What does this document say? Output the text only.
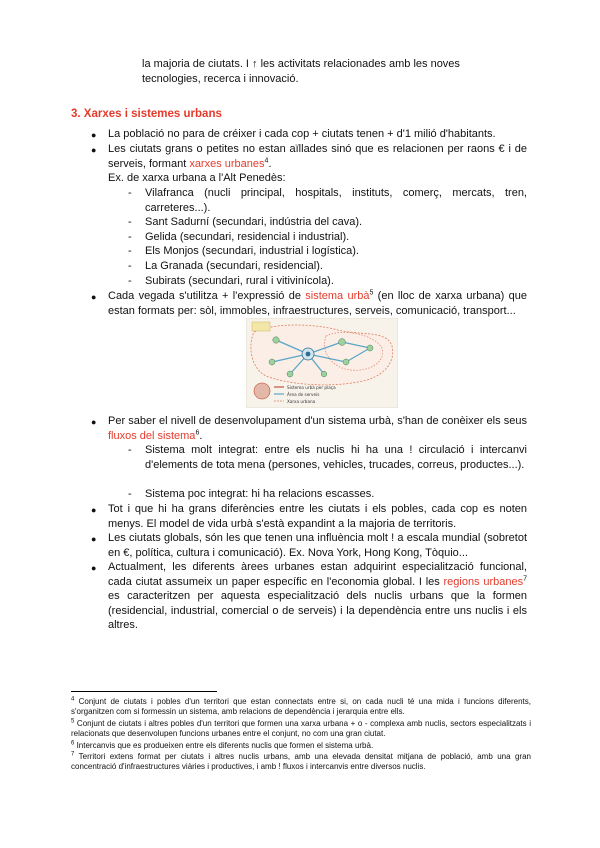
la majoria de ciutats. I ↑ les activitats relacionades amb les noves
tecnologies, recerca i innovació.
3. Xarxes i sistemes urbans
● La població no para de créixer i cada cop + ciutats tenen + d'1 milió d'habitants.
● Les ciutats grans o petites no estan aïllades sinó que es relacionen per raons € i de serveis, formant xarxes urbanes$^4$.
Ex. de xarxa urbana a l'Alt Penedès:
- Vilafranca (nucli principal, hospitals, instituts, comerç, mercats, tren, carreteres...).
- Sant Sadurní (secundari, indústria del cava).
- Gelida (secundari, residencial i industrial).
- Els Monjos (secundari, industrial i logística).
- La Granada (secundari, residencial).
- Subirats (secundari, rural i vitivinícola).
● Cada vegada s'utilitza + l'expressió de sistema urbà$^5$ (en lloc de xarxa urbana) que estan formats per: sòl, immobles, infraestructures, serveis, comunicació, transport...
Sistema urbà per plaça
Àrea de serveis
Xarxa urbana
● Per saber el nivell de desenvolupament d'un sistema urbà, s'han de conèixer els seus fluxos del sistema$^6$.
- Sistema molt integrat: entre els nuclis hi ha una ! circulació i intercanvi d'elements de tota mena (persones, vehicles, trucades, correus, productes...).
- Sistema poc integrat: hi ha relacions escasses.
● Tot i que hi ha grans diferències entre les ciutats i els pobles, cada cop es noten menys. El model de vida urbà s'està expandint a la majoria de territoris.
● Les ciutats globals, són les que tenen una influència molt ! a escala mundial (sobretot en €, política, cultura i comunicació). Ex. Nova York, Hong Kong, Tòquio...
● Actualment, les diferents àrees urbanes estan adquirint especialització funcional, cada ciutat assumeix un paper específic en l'economia global. I les regions urbanes$^7$ es caracteritzen per aquesta especialització dels nuclis urbans que la formen (residencial, industrial, comercial o de serveis) i la dependència entre uns nuclis i els altres.
$^4$ Conjunt de ciutats i pobles d'un territori que estan connectats entre si, on cada nucli té una mida i funcions diferents, s'organitzen com si formessin un sistema, amb relacions de dependència i jerarquia entre ells.
$^5$ Conjunt de ciutats i altres pobles d'un territori que formen una xarxa urbana + o - complexa amb nuclis, sectors especialitzats i relacionats que desenvolupen funcions urbanes entre el conjunt, no com una gran ciutat.
$^6$ Intercanvis que es produeixen entre els diferents nuclis que formen el sistema urbà.
$^7$ Territori extens format per ciutats i altres nuclis urbans, amb una elevada densitat mitjana de població, amb una gran concentració d'infraestructures viàries i productives, i amb ! fluxos i intercanvis entre diversos nuclis.
